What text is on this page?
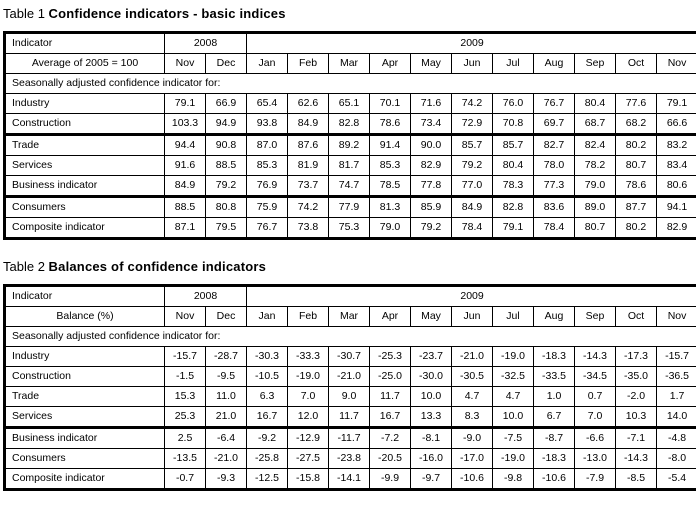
Table 1 Confidence indicators - basic indices
Indicator	2008		2009										
Average of 2005 = 100	Nov	Dec	Jan	Feb	Mar	Apr	May	Jun	Jul	Aug	Sep	Oct	Nov
Seasonally adjusted confidence indicator for:													
Industry	79.1	66.9	65.4	62.6	65.1	70.1	71.6	74.2	76.0	76.7	80.4	77.6	79.1
Construction	103.3	94.9	93.8	84.9	82.8	78.6	73.4	72.9	70.8	69.7	68.7	68.2	66.6
Trade	94.4	90.8	87.0	87.6	89.2	91.4	90.0	85.7	85.7	82.7	82.4	80.2	83.2
Services	91.6	88.5	85.3	81.9	81.7	85.3	82.9	79.2	80.4	78.0	78.2	80.7	83.4
Business indicator	84.9	79.2	76.9	73.7	74.7	78.5	77.8	77.0	78.3	77.3	79.0	78.6	80.6
Consumers	88.5	80.8	75.9	74.2	77.9	81.3	85.9	84.9	82.8	83.6	89.0	87.7	94.1
Composite indicator	87.1	79.5	76.7	73.8	75.3	79.0	79.2	78.4	79.1	78.4	80.7	80.2	82.9
Table 2 Balances of confidence indicators
Indicator	2008		2009										
Balance (%)	Nov	Dec	Jan	Feb	Mar	Apr	May	Jun	Jul	Aug	Sep	Oct	Nov
Seasonally adjusted confidence indicator for:													
Industry	-15.7	-28.7	-30.3	-33.3	-30.7	-25.3	-23.7	-21.0	-19.0	-18.3	-14.3	-17.3	-15.7
Construction	-1.5	-9.5	-10.5	-19.0	-21.0	-25.0	-30.0	-30.5	-32.5	-33.5	-34.5	-35.0	-36.5
Trade	15.3	11.0	6.3	7.0	9.0	11.7	10.0	4.7	4.7	1.0	0.7	-2.0	1.7
Services	25.3	21.0	16.7	12.0	11.7	16.7	13.3	8.3	10.0	6.7	7.0	10.3	14.0
Business indicator	2.5	-6.4	-9.2	-12.9	-11.7	-7.2	-8.1	-9.0	-7.5	-8.7	-6.6	-7.1	-4.8
Consumers	-13.5	-21.0	-25.8	-27.5	-23.8	-20.5	-16.0	-17.0	-19.0	-18.3	-13.0	-14.3	-8.0
Composite indicator	-0.7	-9.3	-12.5	-15.8	-14.1	-9.9	-9.7	-10.6	-9.8	-10.6	-7.9	-8.5	-5.4
